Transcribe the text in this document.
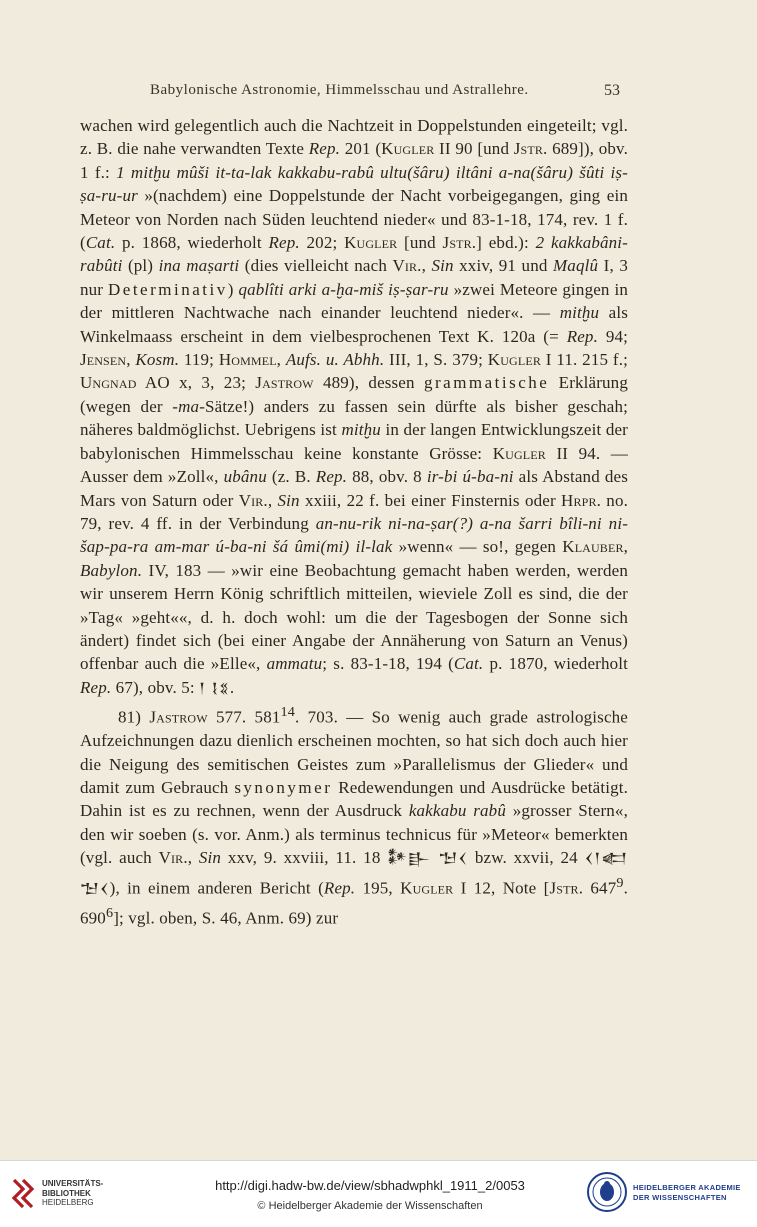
Babylonische Astronomie, Himmelsschau und Astrallehre.	53

wachen wird gelegentlich auch die Nachtzeit in Doppelstunden eingeteilt; vgl. z. B. die nahe verwandten Texte Rep. 201 (Kugler II 90 [und Jstr. 689]), obv. 1 f.: 1 mitḫu mûši it-ta-lak kakkabu-rabû ultu(šâru) iltâni a-na(šâru) šûti iṣ-ṣa-ru-ur »(nachdem) eine Doppelstunde der Nacht vorbeigegangen, ging ein Meteor von Norden nach Süden leuchtend nieder« und 83-1-18, 174, rev. 1 f. (Cat. p. 1868, wiederholt Rep. 202; Kugler [und Jstr.] ebd.): 2 kakkabâni-rabûti (pl) ina maṣarti (dies vielleicht nach Vir., Sin xxiv, 91 und Maqlû I, 3 nur Determinativ) qablîti arki a-ḫa-miš iṣ-ṣar-ru »zwei Meteore gingen in der mittleren Nachtwache nach einander leuchtend nieder«. — mitḫu als Winkelmaass erscheint in dem vielbesprochenen Text K. 120a (= Rep. 94; Jensen, Kosm. 119; Hommel, Aufs. u. Abhh. III, 1, S. 379; Kugler I 11. 215 f.; Ungnad AO x, 3, 23; Jastrow 489), dessen grammatische Erklärung (wegen der -ma-Sätze!) anders zu fassen sein dürfte als bisher geschah; näheres baldmöglichst. Uebrigens ist mitḫu in der langen Entwicklungszeit der babylonischen Himmelsschau keine konstante Grösse: Kugler II 94. — Ausser dem »Zoll«, ubânu (z. B. Rep. 88, obv. 8 ir-bi ú-ba-ni als Abstand des Mars von Saturn oder Vir., Sin xxiii, 22 f. bei einer Finsternis oder Hrpr. no. 79, rev. 4 ff. in der Verbindung an-nu-rik ni-na-ṣar(?) a-na šarri bîli-ni ni-šap-pa-ra am-mar ú-ba-ni šá ûmi(mi) il-lak »wenn« — so!, gegen Klauber, Babylon. IV, 183 — »wir eine Beobachtung gemacht haben werden, werden wir unserem Herrn König schriftlich mitteilen, wieviele Zoll es sind, die der »Tag« »geht««, d. h. doch wohl: um die der Tagesbogen der Sonne sich ändert) findet sich (bei einer Angabe der Annäherung von Saturn an Venus) offenbar auch die »Elle«, ammatu; s. 83-1-18, 194 (Cat. p. 1870, wiederholt Rep. 67), obv. 5: 𒁹 𒋙𒐏.

81) Jastrow 577. $581^{14}$. 703. — So wenig auch grade astrologische Aufzeichnungen dazu dienlich erscheinen mochten, so hat sich doch auch hier die Neigung des semitischen Geistes zum »Parallelismus der Glieder« und damit zum Gebrauch synonymer Redewendungen und Ausdrücke betätigt. Dahin ist es zu rechnen, wenn der Ausdruck kakkabu rabû »grosser Stern«, den wir soeben (s. vor. Anm.) als terminus technicus für »Meteor« bemerkten (vgl. auch Vir., Sin xxv, 9. xxviii, 11. 18 𒀯𒃲 𒈠𒌋 bzw. xxvii, 24 𒌋𒁹𒅗 𒈠𒌋), in einem anderen Bericht (Rep. 195, Kugler I 12, Note [Jstr. $647^9$. $690^6$]; vgl. oben, S. 46, Anm. 69) zur

UNIVERSITÄTS-
BIBLIOTHEK
HEIDELBERG
http://digi.hadw-bw.de/view/sbhadwphkl_1911_2/0053
© Heidelberger Akademie der Wissenschaften
HEIDELBERGER AKADEMIE
DER WISSENSCHAFTEN
